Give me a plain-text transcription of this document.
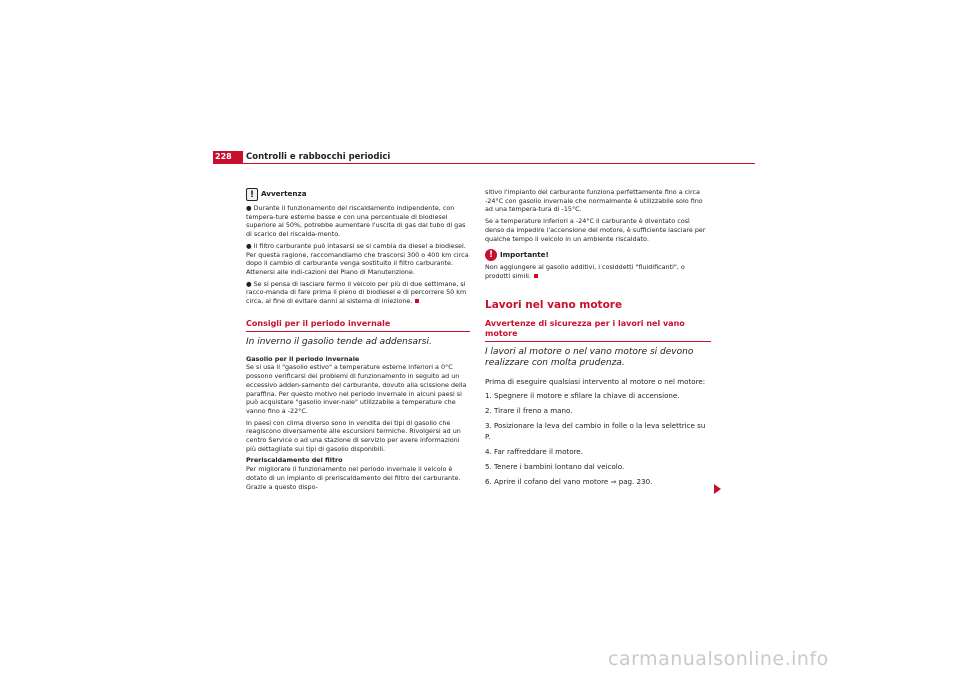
228	Controlli e rabbocchi periodici
! Avvertenza

● Durante il funzionamento del riscaldamento indipendente, con tempera-ture esterne basse e con una percentuale di biodiesel superiore al 50%, potrebbe aumentare l'uscita di gas dal tubo di gas di scarico del riscalda-mento.

● Il filtro carburante può intasarsi se si cambia da diesel a biodiesel. Per questa ragione, raccomandiamo che trascorsi 300 o 400 km circa dopo il cambio di carburante venga sostituito il filtro carburante. Attenersi alle indi-cazioni del Piano di Manutenzione.

● Se si pensa di lasciare fermo il veicolo per più di due settimane, si racco-manda di fare prima il pieno di biodiesel e di percorrere 50 km circa, al fine di evitare danni al sistema di iniezione.

Consigli per il periodo invernale
In inverno il gasolio tende ad addensarsi.

Gasolio per il periodo invernale

Se si usa il "gasolio estivo" a temperature esterne inferiori a 0°C possono verificarsi dei problemi di funzionamento in seguito ad un eccessivo adden-samento del carburante, dovuto alla scissione della paraffina. Per questo motivo nel periodo invernale in alcuni paesi si può acquistare "gasolio inver-nale" utilizzabile a temperature che vanno fino a -22°C.

In paesi con clima diverso sono in vendita dei tipi di gasolio che reagiscono diversamente alle escursioni termiche. Rivolgersi ad un centro Service o ad una stazione di servizio per avere informazioni più dettagliate sui tipi di gasolio disponibili.

Preriscaldamento del filtro

Per migliorare il funzionamento nel periodo invernale il veicolo è dotato di un impianto di preriscaldamento del filtro del carburante. Grazie a questo dispo-

sitivo l'impianto del carburante funziona perfettamente fino a circa -24°C con gasolio invernale che normalmente è utilizzabile solo fino ad una tempera-tura di -15°C.

Se a temperature inferiori a -24°C il carburante è diventato così denso da impedire l'accensione del motore, è sufficiente lasciare per qualche tempo il veicolo in un ambiente riscaldato.

! Importante!

Non aggiungere al gasolio additivi, i cosiddetti "fluidificanti", o prodotti simili.

Lavori nel vano motore
Avvertenze di sicurezza per i lavori nel vano motore
I lavori al motore o nel vano motore si devono realizzare con molta prudenza.

Prima di eseguire qualsiasi intervento al motore o nel motore:

1. Spegnere il motore e sfilare la chiave di accensione.
2. Tirare il freno a mano.
3. Posizionare la leva del cambio in folle o la leva selettrice su P.
4. Far raffreddare il motore.
5. Tenere i bambini lontano dal veicolo.
6. Aprire il cofano del vano motore ⇒ pag. 230.
carmanualsonline.info
